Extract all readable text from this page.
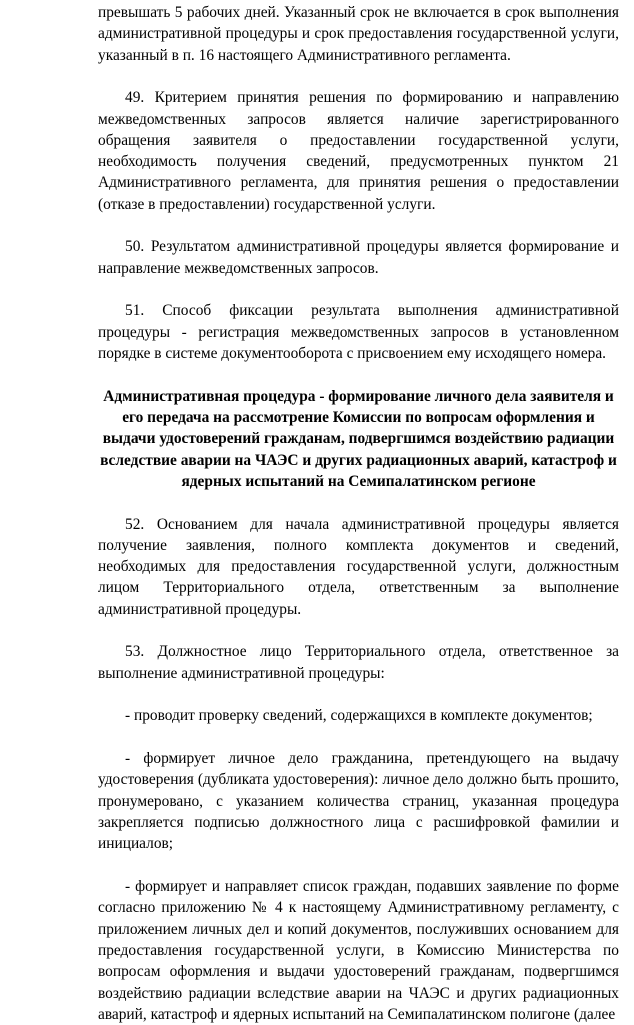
превышать 5 рабочих дней. Указанный срок не включается в срок выполнения административной процедуры и срок предоставления государственной услуги, указанный в п. 16 настоящего Административного регламента.

49. Критерием принятия решения по формированию и направлению межведомственных запросов является наличие зарегистрированного обращения заявителя о предоставлении государственной услуги, необходимость получения сведений, предусмотренных пунктом 21 Административного регламента, для принятия решения о предоставлении (отказе в предоставлении) государственной услуги.

50. Результатом административной процедуры является формирование и направление межведомственных запросов.

51. Способ фиксации результата выполнения административной процедуры - регистрация межведомственных запросов в установленном порядке в системе документооборота с присвоением ему исходящего номера.

Административная процедура - формирование личного дела заявителя и его передача на рассмотрение Комиссии по вопросам оформления и выдачи удостоверений гражданам, подвергшимся воздействию радиации вследствие аварии на ЧАЭС и других радиационных аварий, катастроф и ядерных испытаний на Семипалатинском регионе

52. Основанием для начала административной процедуры является получение заявления, полного комплекта документов и сведений, необходимых для предоставления государственной услуги, должностным лицом Территориального отдела, ответственным за выполнение административной процедуры.

53. Должностное лицо Территориального отдела, ответственное за выполнение административной процедуры:

- проводит проверку сведений, содержащихся в комплекте документов;

- формирует личное дело гражданина, претендующего на выдачу удостоверения (дубликата удостоверения): личное дело должно быть прошито, пронумеровано, с указанием количества страниц, указанная процедура закрепляется подписью должностного лица с расшифровкой фамилии и инициалов;

- формирует и направляет список граждан, подавших заявление по форме согласно приложению № 4 к настоящему Административному регламенту, с приложением личных дел и копий документов, послуживших основанием для предоставления государственной услуги, в Комиссию Министерства по вопросам оформления и выдачи удостоверений гражданам, подвергшимся воздействию радиации вследствие аварии на ЧАЭС и других радиационных аварий, катастроф и ядерных испытаний на Семипалатинском полигоне (далее
